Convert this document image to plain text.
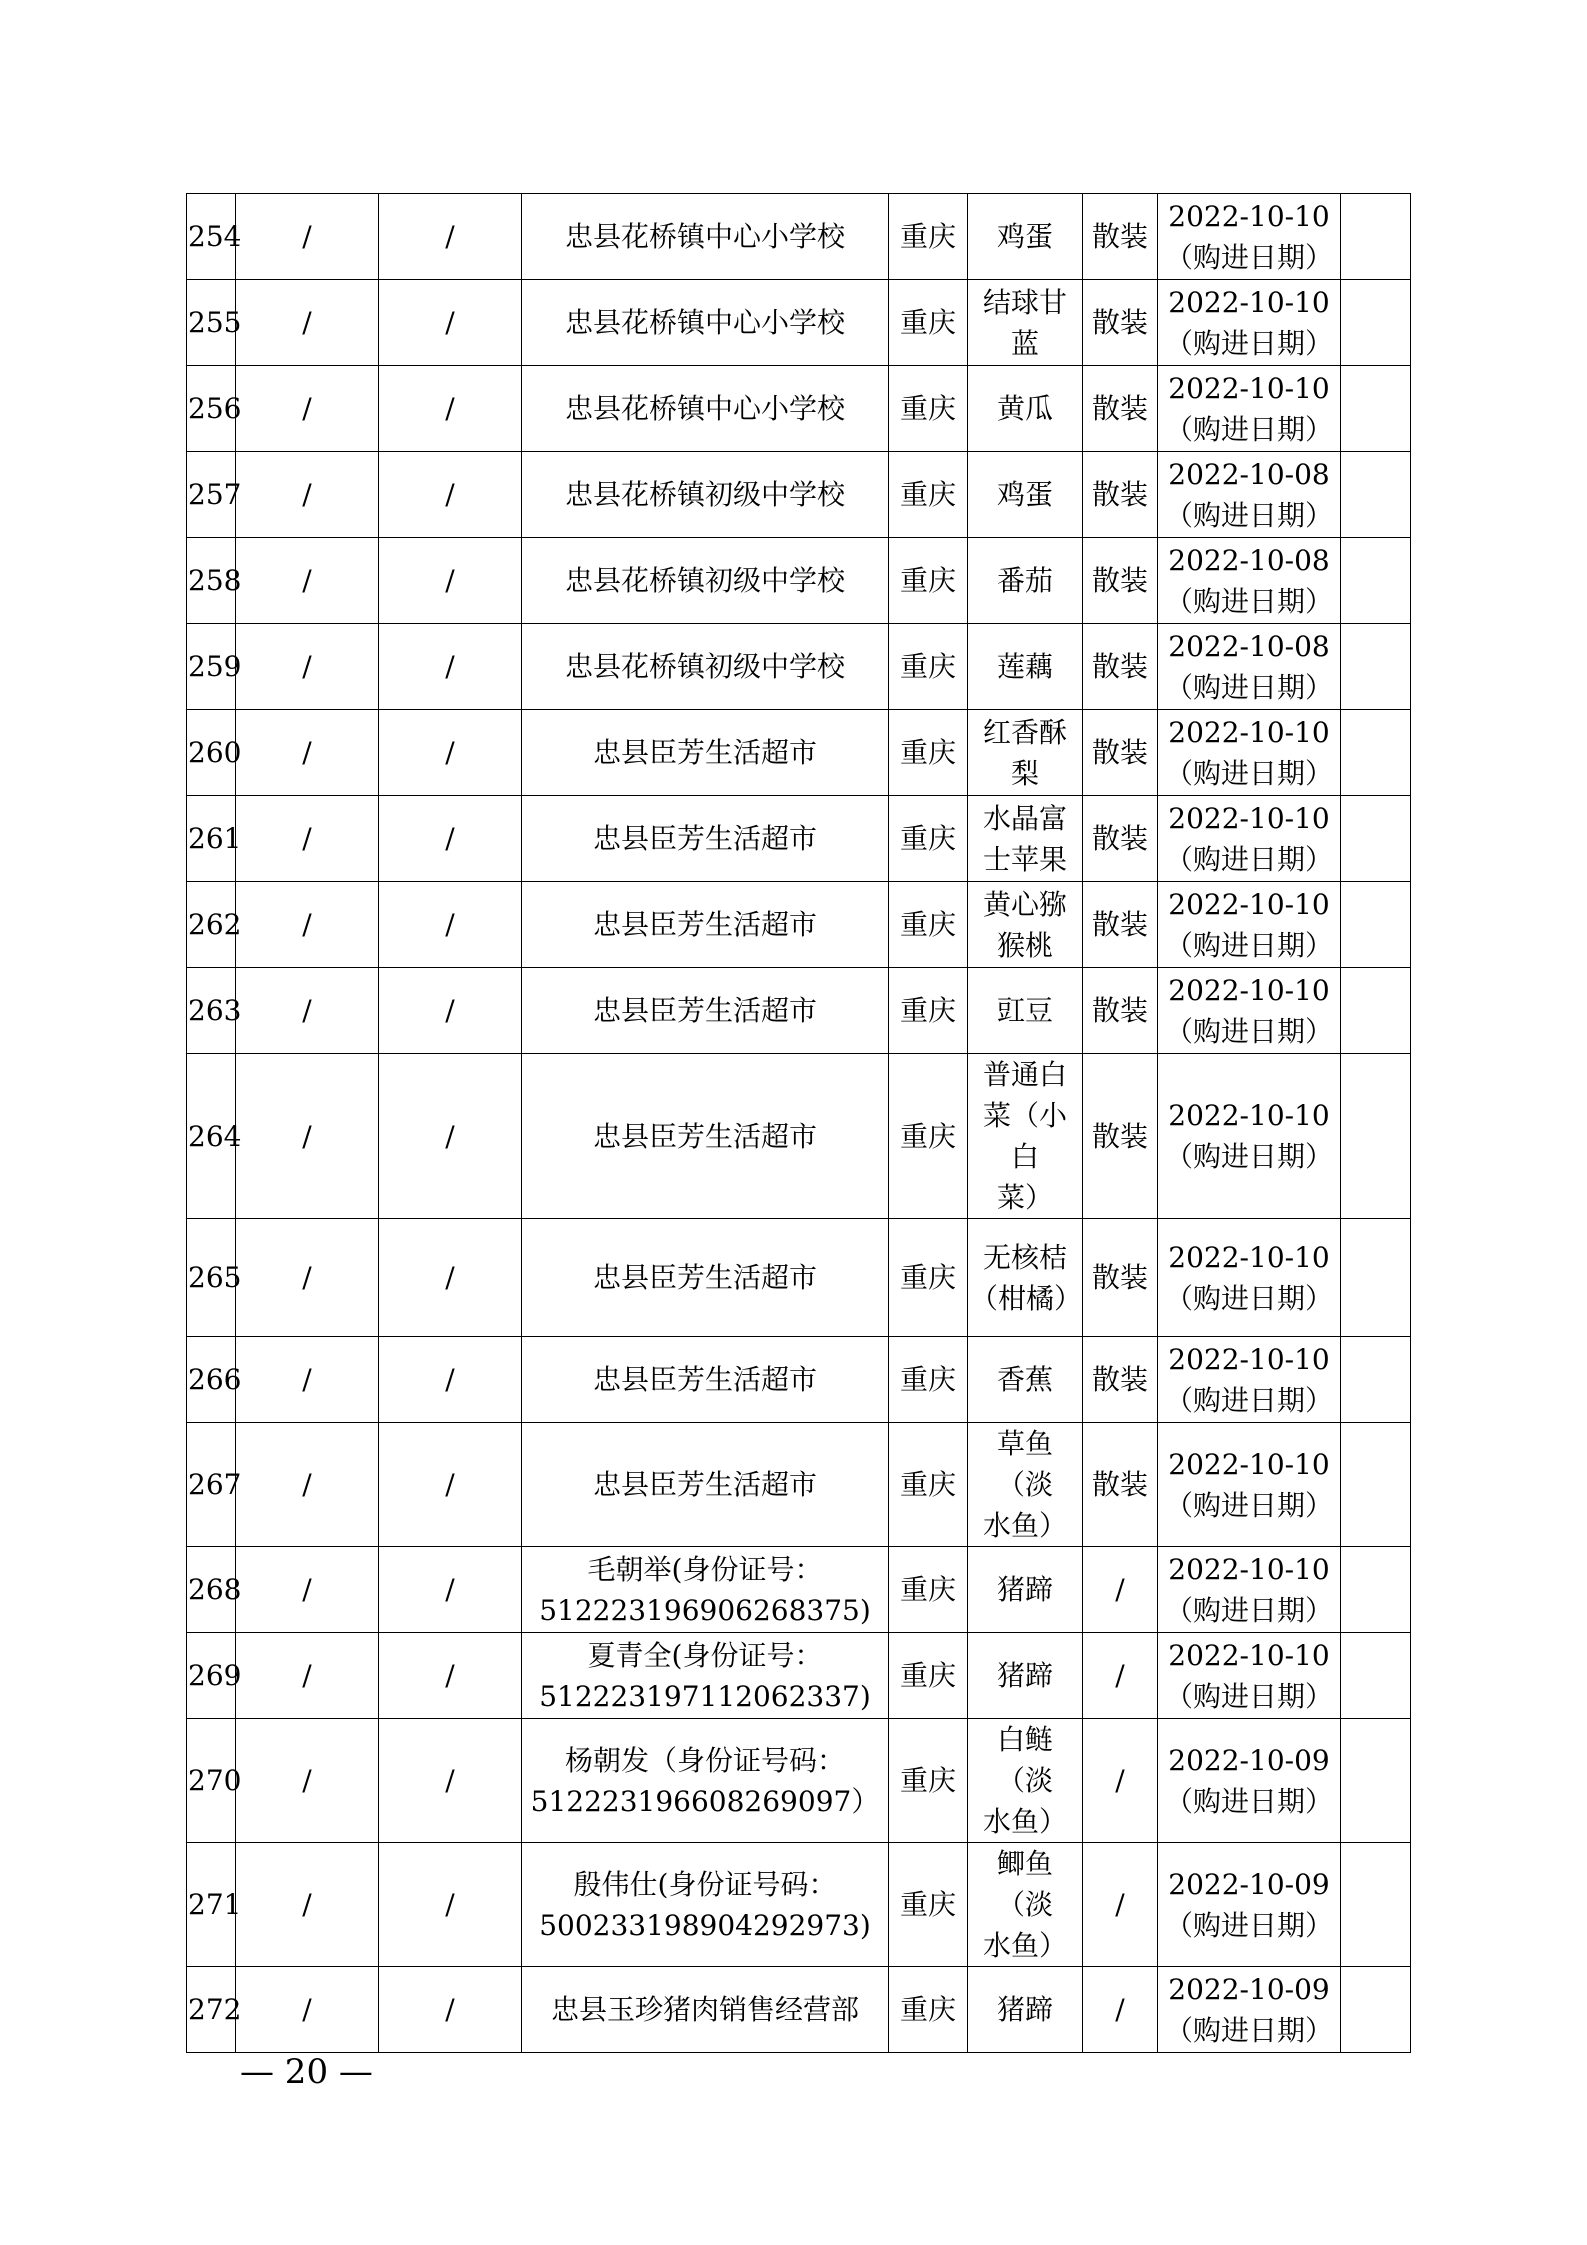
254	/	/	忠县花桥镇中心小学校	重庆	鸡蛋	散装	2022-10-10
（购进日期）	
255	/	/	忠县花桥镇中心小学校	重庆	结球甘
蓝	散装	2022-10-10
（购进日期）	
256	/	/	忠县花桥镇中心小学校	重庆	黄瓜	散装	2022-10-10
（购进日期）	
257	/	/	忠县花桥镇初级中学校	重庆	鸡蛋	散装	2022-10-08
（购进日期）	
258	/	/	忠县花桥镇初级中学校	重庆	番茄	散装	2022-10-08
（购进日期）	
259	/	/	忠县花桥镇初级中学校	重庆	莲藕	散装	2022-10-08
（购进日期）	
260	/	/	忠县臣芳生活超市	重庆	红香酥
梨	散装	2022-10-10
（购进日期）	
261	/	/	忠县臣芳生活超市	重庆	水晶富
士苹果	散装	2022-10-10
（购进日期）	
262	/	/	忠县臣芳生活超市	重庆	黄心猕
猴桃	散装	2022-10-10
（购进日期）	
263	/	/	忠县臣芳生活超市	重庆	豇豆	散装	2022-10-10
（购进日期）	
264	/	/	忠县臣芳生活超市	重庆	普通白
菜（小白
菜）	散装	2022-10-10
（购进日期）	
265	/	/	忠县臣芳生活超市	重庆	无核桔
（柑橘）	散装	2022-10-10
（购进日期）	
266	/	/	忠县臣芳生活超市	重庆	香蕉	散装	2022-10-10
（购进日期）	
267	/	/	忠县臣芳生活超市	重庆	草鱼（淡
水鱼）	散装	2022-10-10
（购进日期）	
268	/	/	毛朝举(身份证号：
512223196906268375)	重庆	猪蹄	/	2022-10-10
（购进日期）	
269	/	/	夏青全(身份证号：
512223197112062337)	重庆	猪蹄	/	2022-10-10
（购进日期）	
270	/	/	杨朝发（身份证号码：
512223196608269097）	重庆	白鲢（淡
水鱼）	/	2022-10-09
（购进日期）	
271	/	/	殷伟仕(身份证号码：
500233198904292973)	重庆	鲫鱼（淡
水鱼）	/	2022-10-09
（购进日期）	
272	/	/	忠县玉珍猪肉销售经营部	重庆	猪蹄	/	2022-10-09
（购进日期）	
— 20 —
